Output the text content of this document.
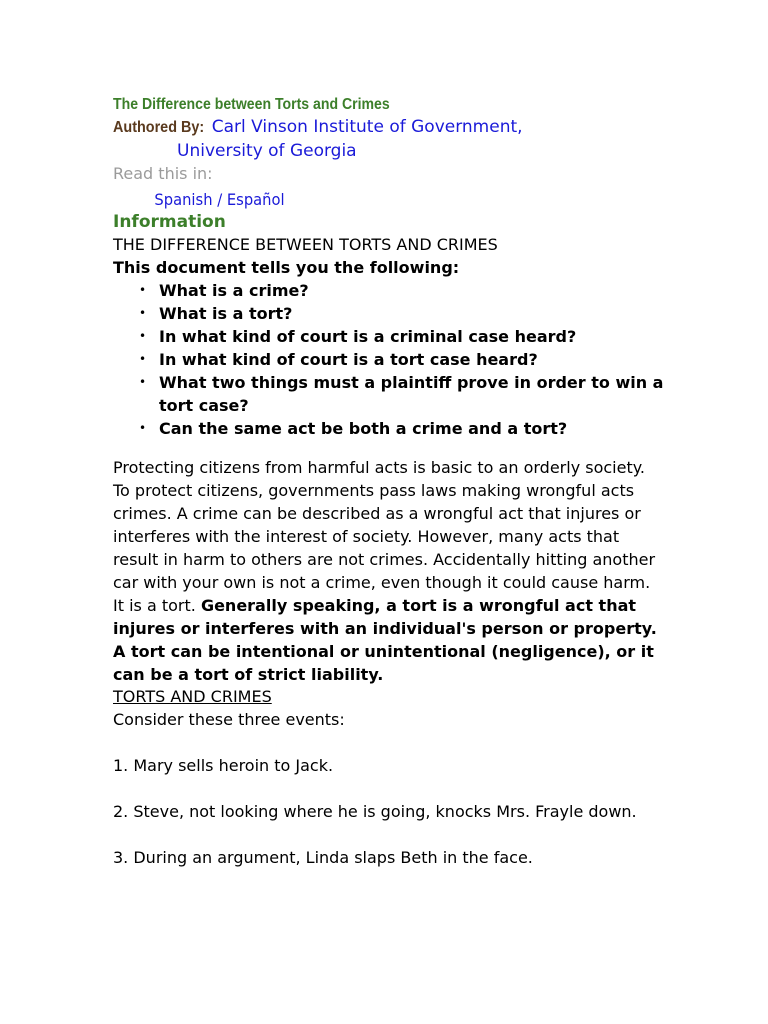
The Difference between Torts and Crimes
Authored By: Carl Vinson Institute of Government,
University of Georgia
Read this in:
Spanish / Español
Information
THE DIFFERENCE BETWEEN TORTS AND CRIMES
This document tells you the following:
• What is a crime?
• What is a tort?
• In what kind of court is a criminal case heard?
• In what kind of court is a tort case heard?
• What two things must a plaintiff prove in order to win a tort case?
• Can the same act be both a crime and a tort?
Protecting citizens from harmful acts is basic to an orderly society. To protect citizens, governments pass laws making wrongful acts crimes. A crime can be described as a wrongful act that injures or interferes with the interest of society. However, many acts that result in harm to others are not crimes. Accidentally hitting another car with your own is not a crime, even though it could cause harm. It is a tort. Generally speaking, a tort is a wrongful act that injures or interferes with an individual's person or property. A tort can be intentional or unintentional (negligence), or it can be a tort of strict liability.
TORTS AND CRIMES
Consider these three events:
1. Mary sells heroin to Jack.
2. Steve, not looking where he is going, knocks Mrs. Frayle down.
3. During an argument, Linda slaps Beth in the face.
